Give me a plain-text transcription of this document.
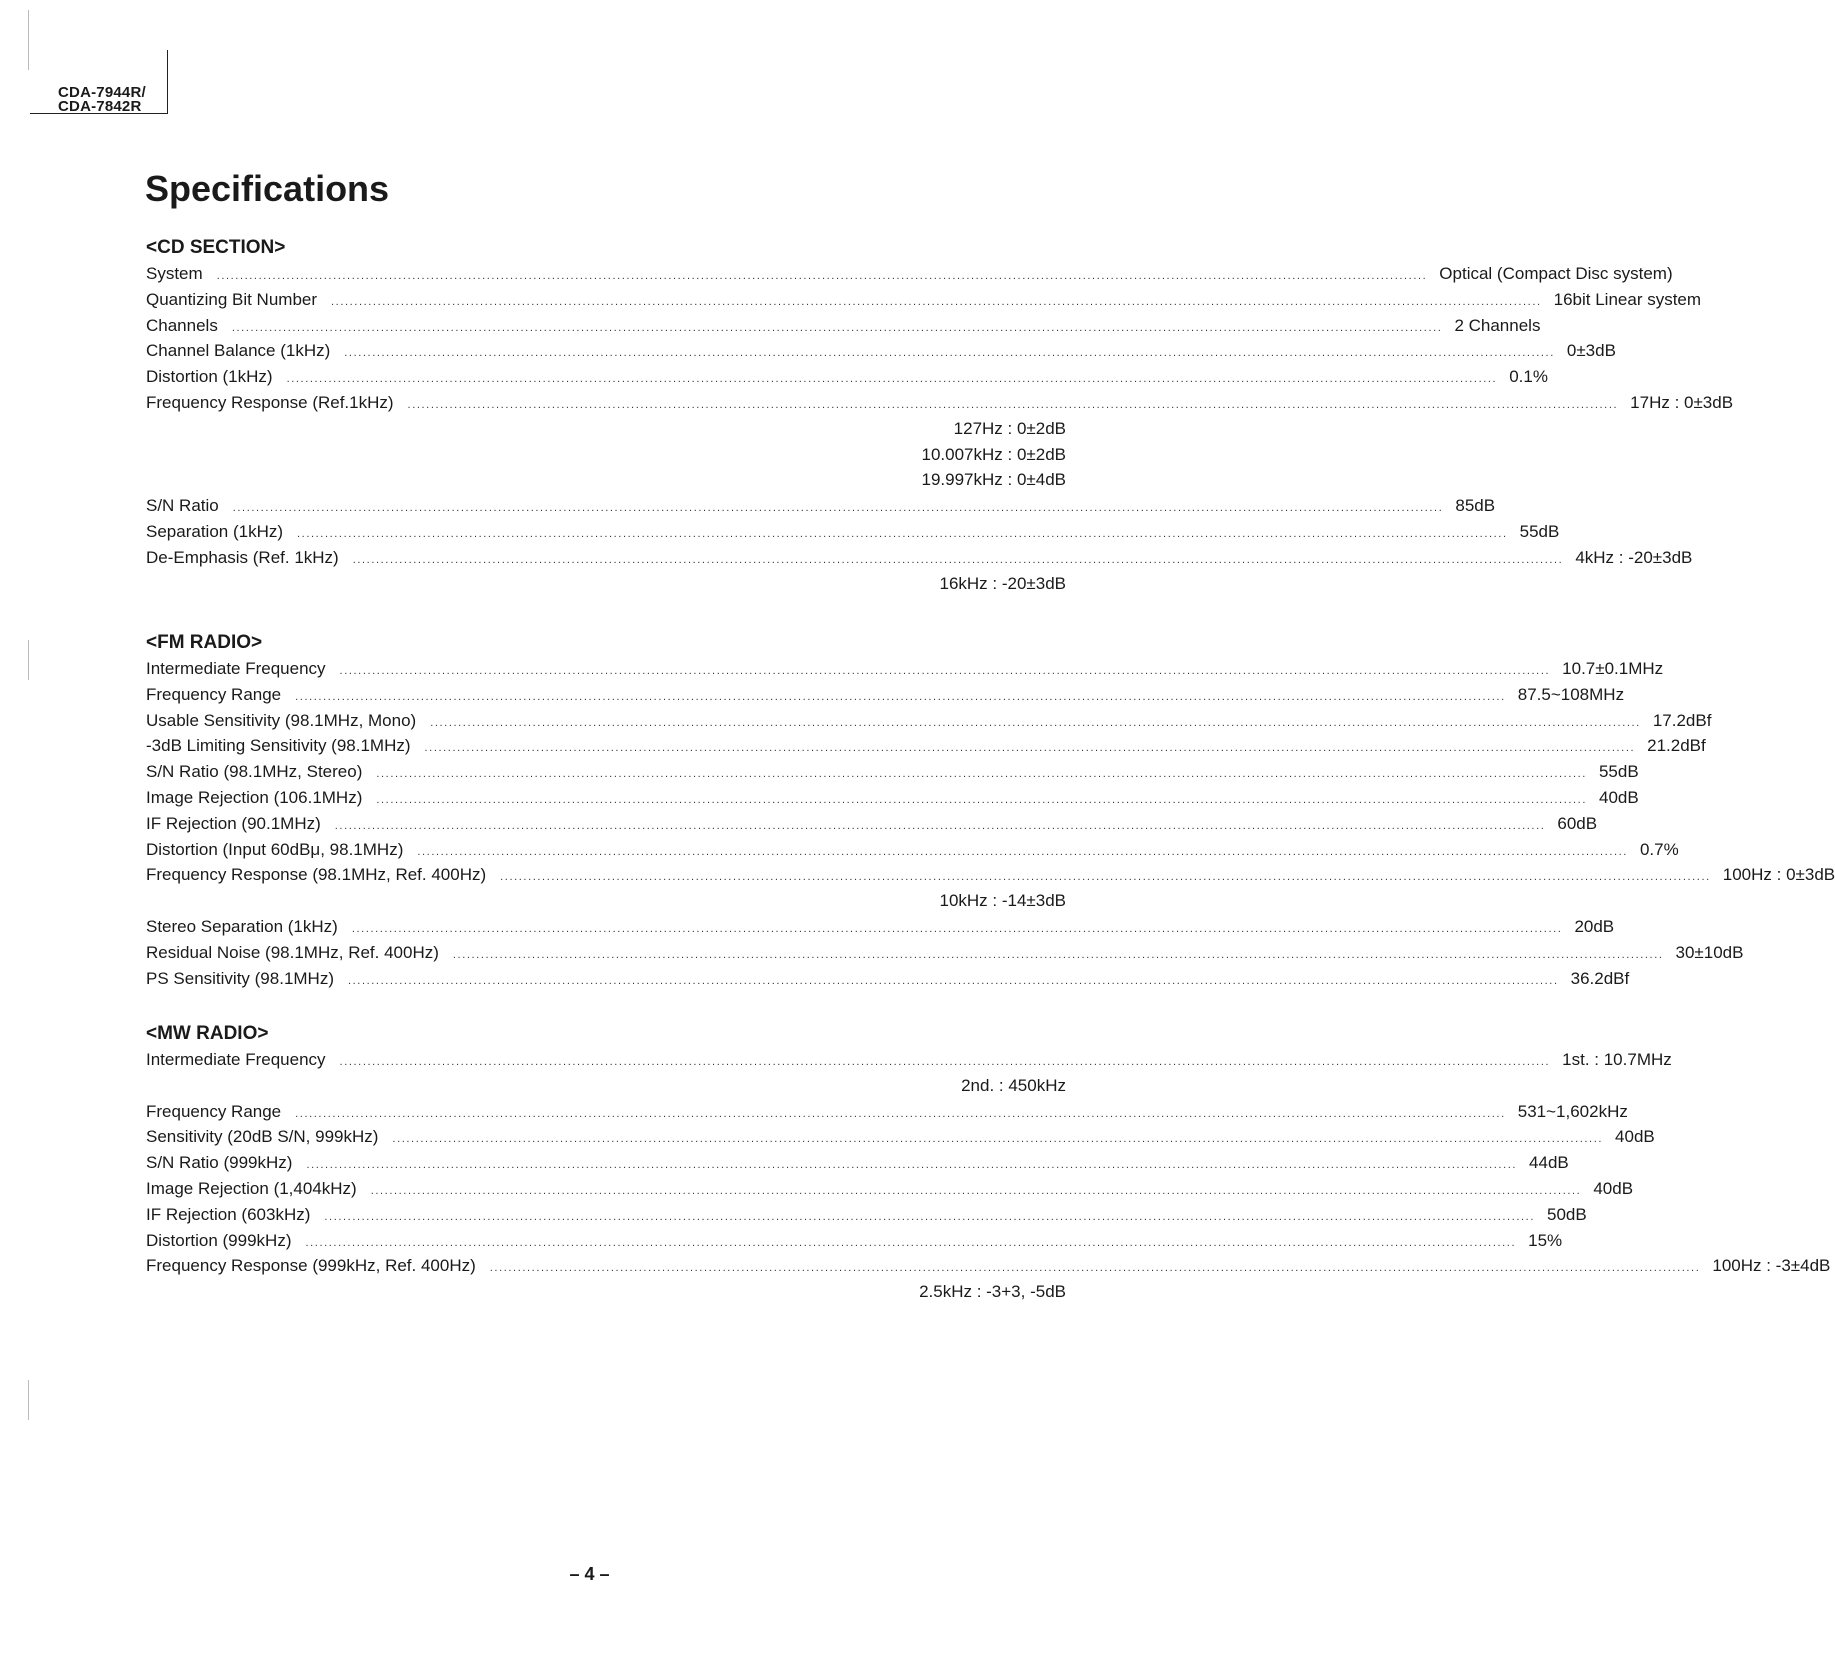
CDA-7944R/
CDA-7842R
Specifications
<CD SECTION>
System	.................................................................................................................................................................................................................................................................... Optical (Compact Disc system)
Quantizing Bit Number	.................................................................................................................................................................................................................................................................... 16bit Linear system
Channels	.................................................................................................................................................................................................................................................................... 2 Channels
Channel Balance (1kHz)	.................................................................................................................................................................................................................................................................... 0±3dB
Distortion (1kHz)	.................................................................................................................................................................................................................................................................... 0.1%
Frequency Response (Ref.1kHz)	.................................................................................................................................................................................................................................................................... 17Hz : 0±3dB
127Hz : 0±2dB
10.007kHz : 0±2dB
19.997kHz : 0±4dB
S/N Ratio	.................................................................................................................................................................................................................................................................... 85dB
Separation (1kHz)	.................................................................................................................................................................................................................................................................... 55dB
De-Emphasis (Ref. 1kHz)	.................................................................................................................................................................................................................................................................... 4kHz : -20±3dB
16kHz : -20±3dB
<FM RADIO>
Intermediate Frequency	.................................................................................................................................................................................................................................................................... 10.7±0.1MHz
Frequency Range	.................................................................................................................................................................................................................................................................... 87.5~108MHz
Usable Sensitivity (98.1MHz, Mono)	.................................................................................................................................................................................................................................................................... 17.2dBf
-3dB Limiting Sensitivity (98.1MHz)	.................................................................................................................................................................................................................................................................... 21.2dBf
S/N Ratio (98.1MHz, Stereo)	.................................................................................................................................................................................................................................................................... 55dB
Image Rejection (106.1MHz)	.................................................................................................................................................................................................................................................................... 40dB
IF Rejection (90.1MHz)	.................................................................................................................................................................................................................................................................... 60dB
Distortion (Input 60dBμ, 98.1MHz)	.................................................................................................................................................................................................................................................................... 0.7%
Frequency Response (98.1MHz, Ref. 400Hz)	.................................................................................................................................................................................................................................................................... 100Hz : 0±3dB
10kHz : -14±3dB
Stereo Separation (1kHz)	.................................................................................................................................................................................................................................................................... 20dB
Residual Noise (98.1MHz, Ref. 400Hz)	.................................................................................................................................................................................................................................................................... 30±10dB
PS Sensitivity (98.1MHz)	.................................................................................................................................................................................................................................................................... 36.2dBf
<MW RADIO>
Intermediate Frequency	.................................................................................................................................................................................................................................................................... 1st. : 10.7MHz
2nd. : 450kHz
Frequency Range	.................................................................................................................................................................................................................................................................... 531~1,602kHz
Sensitivity (20dB S/N, 999kHz)	.................................................................................................................................................................................................................................................................... 40dB
S/N Ratio (999kHz)	.................................................................................................................................................................................................................................................................... 44dB
Image Rejection (1,404kHz)	.................................................................................................................................................................................................................................................................... 40dB
IF Rejection (603kHz)	.................................................................................................................................................................................................................................................................... 50dB
Distortion (999kHz)	.................................................................................................................................................................................................................................................................... 15%
Frequency Response (999kHz, Ref. 400Hz)	.................................................................................................................................................................................................................................................................... 100Hz : -3±4dB
2.5kHz : -3+3, -5dB
– 4 –
